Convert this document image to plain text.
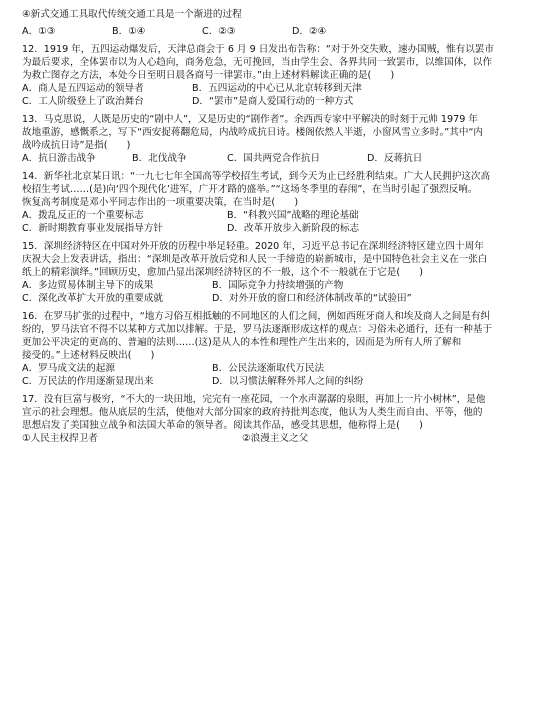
④新式交通工具取代传统交通工具是一个渐进的过程

A．①③	B．①④	C．②③	D．②④

12．1919 年，五四运动爆发后，天津总商会于 6 月 9 日发出布告称：“对于外交失败，速办国贼，惟有以罢市

为最后要求，全体罢市以为人心趋向，商务危急，无可挽回，当由学生会、各界共同一致罢市，以维国体，以作

为救亡图存之方法，本处今日至明日晨各商号一律罢市。”由上述材料解读正确的是(　　)

A．商人是五四运动的领导者	B．五四运动的中心已从北京转移到天津
C．工人阶级登上了政治舞台	D．“罢市”是商人爱国行动的一种方式

13．马克思说，人既是历史的“剧中人”，又是历史的“剧作者”。余西西专家中平解决的时刻于元帅 1979 年

故地重游，感慨系之，写下“西安捉蒋翻危局，内战吟成抗日诗。楼阁依然人半逝，小窗风雪立多时。”其中“内

战吟成抗日诗”是指(　　)

A．抗日游击战争	B．北伐战争	C．国共两党合作抗日	D．反蒋抗日

14．新华社北京某日讯：“一九七七年全国高等学校招生考试，到今天为止已经胜利结束。广大人民拥护这次高

校招生考试……(是)向‘四个现代化’进军，广开才路的盛举。”“这场冬季里的春闱”，在当时引起了强烈反响。

恢复高考制度是邓小平同志作出的一项重要决策，在当时是(　　)

A．拨乱反正的一个重要标志	B．“科教兴国”战略的理论基础
C．新时期教育事业发展指导方针	D．改革开放步入新阶段的标志

15．深圳经济特区在中国对外开放的历程中举足轻重。2020 年，习近平总书记在深圳经济特区建立四十周年

庆祝大会上发表讲话，指出：“深圳是改革开放后党和人民一手缔造的崭新城市，是中国特色社会主义在一张白

纸上的精彩演绎。”回顾历史，愈加凸显出深圳经济特区的不一般，这个不一般就在于它是(　　)

A．多边贸易体制主导下的成果	B．国际竞争力持续增强的产物
C．深化改革扩大开放的重要成就	D．对外开放的窗口和经济体制改革的“试验田”

16．在罗马扩张的过程中，“地方习俗互相抵触的不同地区的人们之间，例如西班牙商人和埃及商人之间是有纠

纷的，罗马法官不得不以某种方式加以排解。于是，罗马法逐渐形成这样的观点：习俗未必通行，还有一种基于

更加公平决定的更高的、普遍的法则……(这)是从人的本性和理性产生出来的，因而是为所有人所了解和

接受的。”上述材料反映出(　　)

A．罗马成文法的起源	B．公民法逐渐取代万民法
C．万民法的作用逐渐显现出来	D．以习惯法解释外邦人之间的纠纷

17．没有巨富与极穷，“不大的一块田地，完完有一座花园，一个水声潺潺的泉眼，再加上一片小树林”，是他

宣示的社会理想。他从底层的生活，使他对大部分国家的政府持批判态度，他认为人类生而自由、平等，他的

思想启发了美国独立战争和法国大革命的领导者。阅读其作品，感受其思想，他称得上是(　　)

①人民主权捍卫者	②浪漫主义之父
